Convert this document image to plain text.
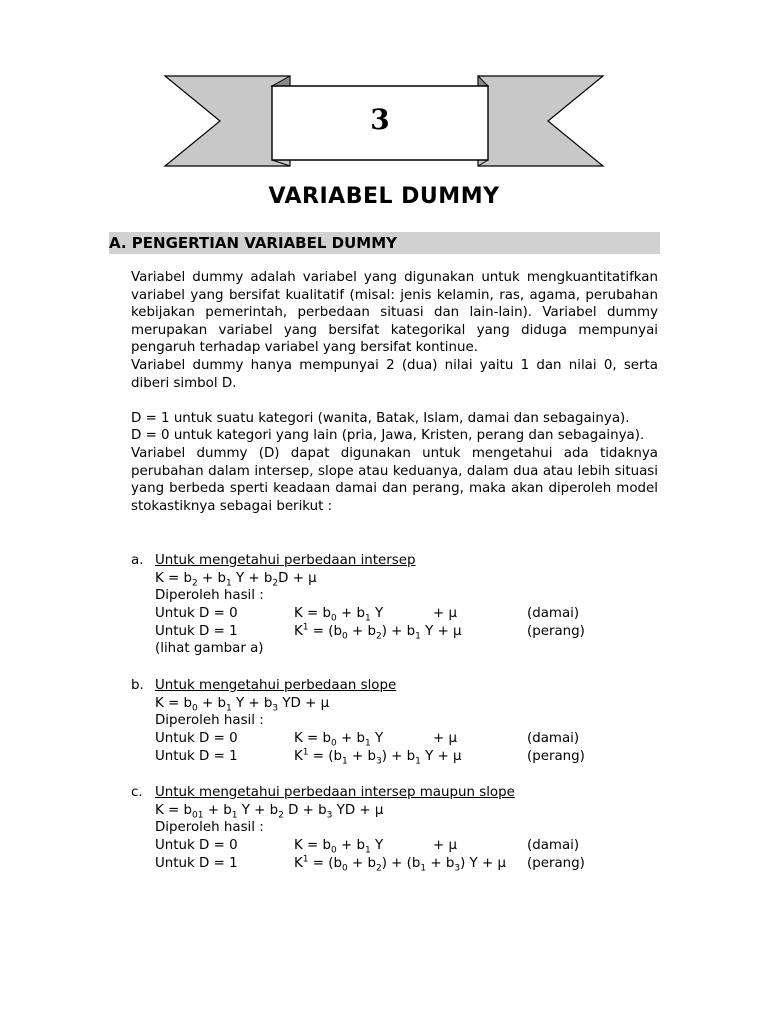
3
VARIABEL DUMMY
A. PENGERTIAN VARIABEL DUMMY

Variabel dummy adalah variabel yang digunakan untuk mengkuantitatifkan variabel yang bersifat kualitatif (misal: jenis kelamin, ras, agama, perubahan kebijakan pemerintah, perbedaan situasi dan lain-lain). Variabel dummy merupakan variabel yang bersifat kategorikal yang diduga mempunyai pengaruh terhadap variabel yang bersifat kontinue.

Variabel dummy hanya mempunyai 2 (dua) nilai yaitu 1 dan nilai 0, serta diberi simbol D.

D = 1 untuk suatu kategori (wanita, Batak, Islam, damai dan sebagainya).

D = 0 untuk kategori yang lain (pria, Jawa, Kristen, perang dan sebagainya).

Variabel dummy (D) dapat digunakan untuk mengetahui ada tidaknya perubahan dalam intersep, slope atau keduanya, dalam dua atau lebih situasi yang berbeda sperti keadaan damai dan perang, maka akan diperoleh model stokastiknya sebagai berikut :

a. Untuk mengetahui perbedaan intersep
$K = b_2 + b_1$ $Y + b_2D + \mu$
Diperoleh hasil :
Untuk D = 0	$K = b_0 + b_1$ Y	+ μ	(damai)
Untuk D = 1	$K^1 = (b_0 + b_2) + b_1$ Y + μ	(perang)
(lihat gambar a)
b. Untuk mengetahui perbedaan slope
$K = b_0 + b_1$ $Y + b_3$ YD + μ
Diperoleh hasil :
Untuk D = 0	$K = b_0 + b_1$ Y	+ μ	(damai)
Untuk D = 1	$K^1 = (b_1 + b_3) + b_1$ Y + μ	(perang)
c. Untuk mengetahui perbedaan intersep maupun slope
$K = b_{01} + b_1$ $Y + b_2$ $D + b_3$ YD + μ
Diperoleh hasil :
Untuk D = 0	$K = b_0 + b_1$ Y	+ μ	(damai)
Untuk D = 1	$K^1 = (b_0 + b_2) + (b_1 + b_3) Y + \mu$ (perang)
